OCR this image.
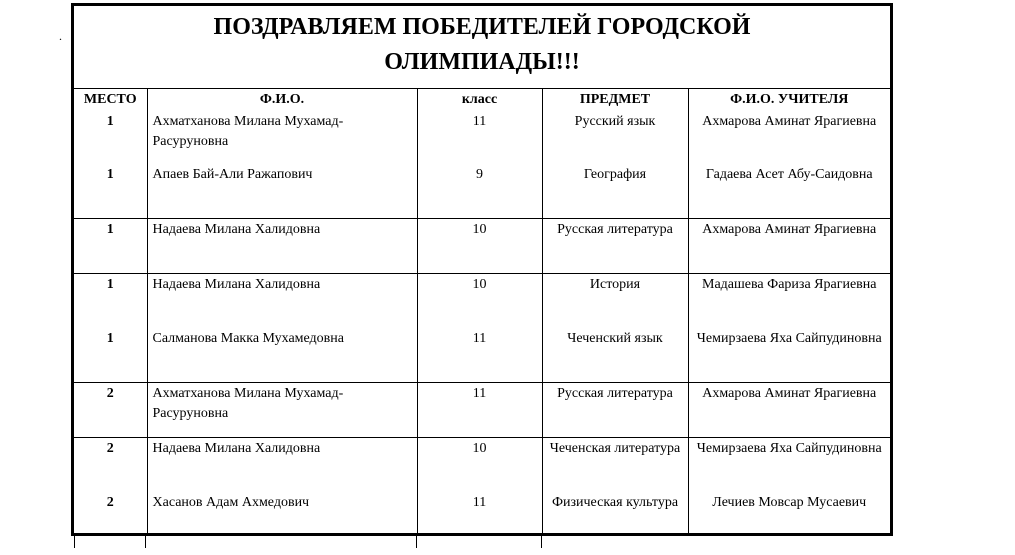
.	ПОЗДРАВЛЯЕМ ПОБЕДИТЕЛЕЙ ГОРОДСКОЙ
ОЛИМПИАДЫ!!!
МЕСТО	Ф.И.О.	класс	ПРЕДМЕТ	Ф.И.О. УЧИТЕЛЯ
1	Ахматханова Милана Мухамад-Расуруновна	11	Русский язык	Ахмарова Аминат Ярагиевна
1	Апаев Бай-Али Ражапович	9	География	Гадаева Асет Абу-Саидовна
1	Надаева Милана Халидовна	10	Русская литература	Ахмарова Аминат Ярагиевна
1	Надаева Милана Халидовна	10	История	Мадашева Фариза Ярагиевна
1	Салманова Макка Мухамедовна	11	Чеченский язык	Чемирзаева Яха Сайпудиновна
2	Ахматханова Милана Мухамад-Расуруновна	11	Русская литература	Ахмарова Аминат Ярагиевна
2	Надаева Милана Халидовна	10	Чеченская литература	Чемирзаева Яха Сайпудиновна
2	Хасанов Адам Ахмедович	11	Физическая культура	Лечиев Мовсар Мусаевич
